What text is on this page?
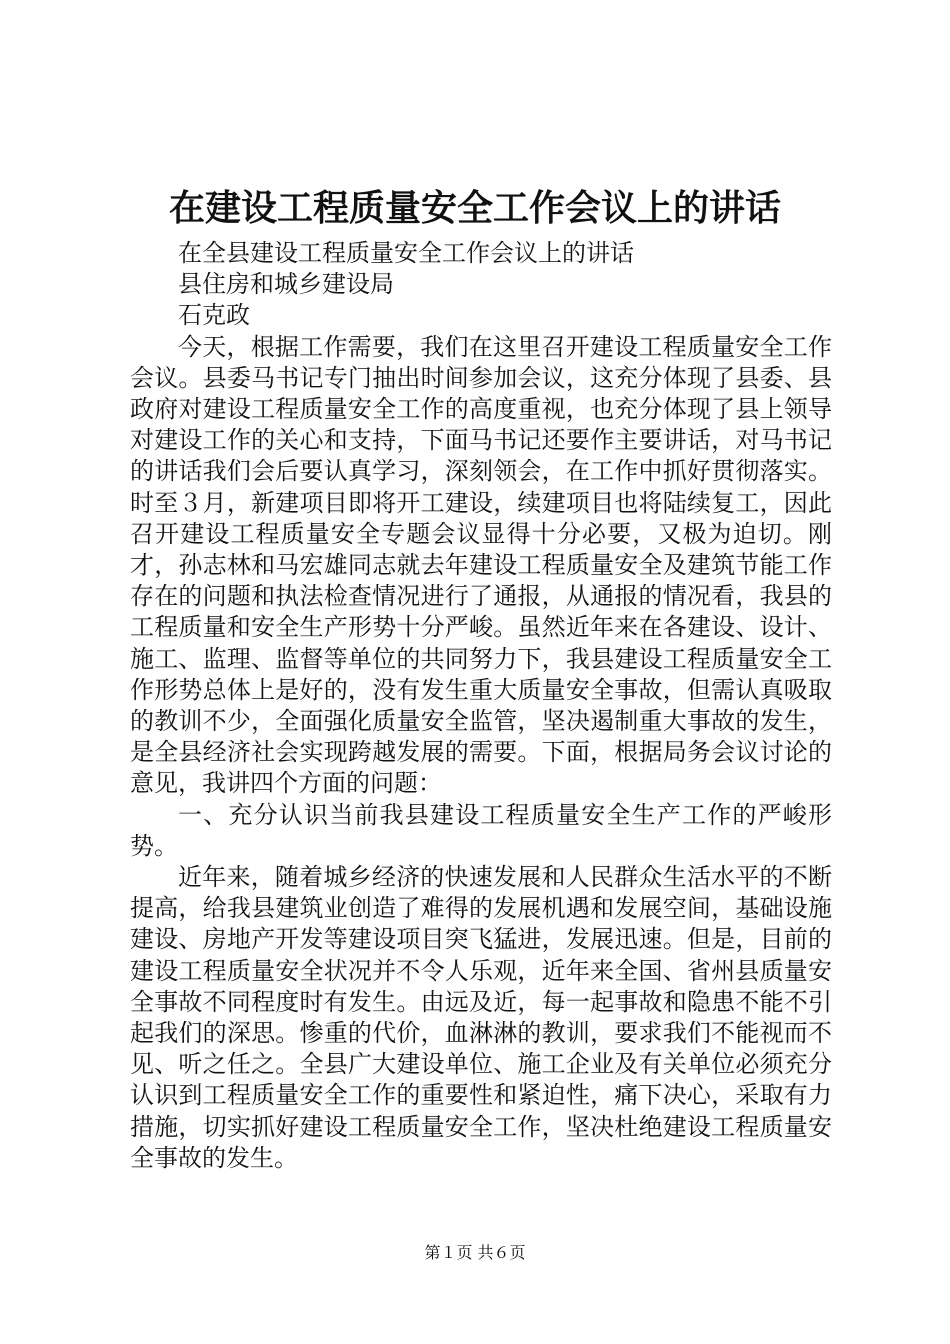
在建设工程质量安全工作会议上的讲话

在全县建设工程质量安全工作会议上的讲话

县住房和城乡建设局

石克政

今天，根据工作需要，我们在这里召开建设工程质量安全工作会议。县委马书记专门抽出时间参加会议，这充分体现了县委、县政府对建设工程质量安全工作的高度重视，也充分体现了县上领导对建设工作的关心和支持，下面马书记还要作主要讲话，对马书记的讲话我们会后要认真学习，深刻领会，在工作中抓好贯彻落实。时至３月，新建项目即将开工建设，续建项目也将陆续复工，因此召开建设工程质量安全专题会议显得十分必要，又极为迫切。刚才，孙志林和马宏雄同志就去年建设工程质量安全及建筑节能工作存在的问题和执法检查情况进行了通报，从通报的情况看，我县的工程质量和安全生产形势十分严峻。虽然近年来在各建设、设计、施工、监理、监督等单位的共同努力下，我县建设工程质量安全工作形势总体上是好的，没有发生重大质量安全事故，但需认真吸取的教训不少，全面强化质量安全监管，坚决遏制重大事故的发生，是全县经济社会实现跨越发展的需要。下面，根据局务会议讨论的意见，我讲四个方面的问题：

一、充分认识当前我县建设工程质量安全生产工作的严峻形势。

近年来，随着城乡经济的快速发展和人民群众生活水平的不断提高，给我县建筑业创造了难得的发展机遇和发展空间，基础设施建设、房地产开发等建设项目突飞猛进，发展迅速。但是，目前的建设工程质量安全状况并不令人乐观，近年来全国、省州县质量安全事故不同程度时有发生。由远及近，每一起事故和隐患不能不引起我们的深思。惨重的代价，血淋淋的教训，要求我们不能视而不见、听之任之。全县广大建设单位、施工企业及有关单位必须充分认识到工程质量安全工作的重要性和紧迫性，痛下决心，采取有力措施，切实抓好建设工程质量安全工作，坚决杜绝建设工程质量安全事故的发生。

第１页 共６页
